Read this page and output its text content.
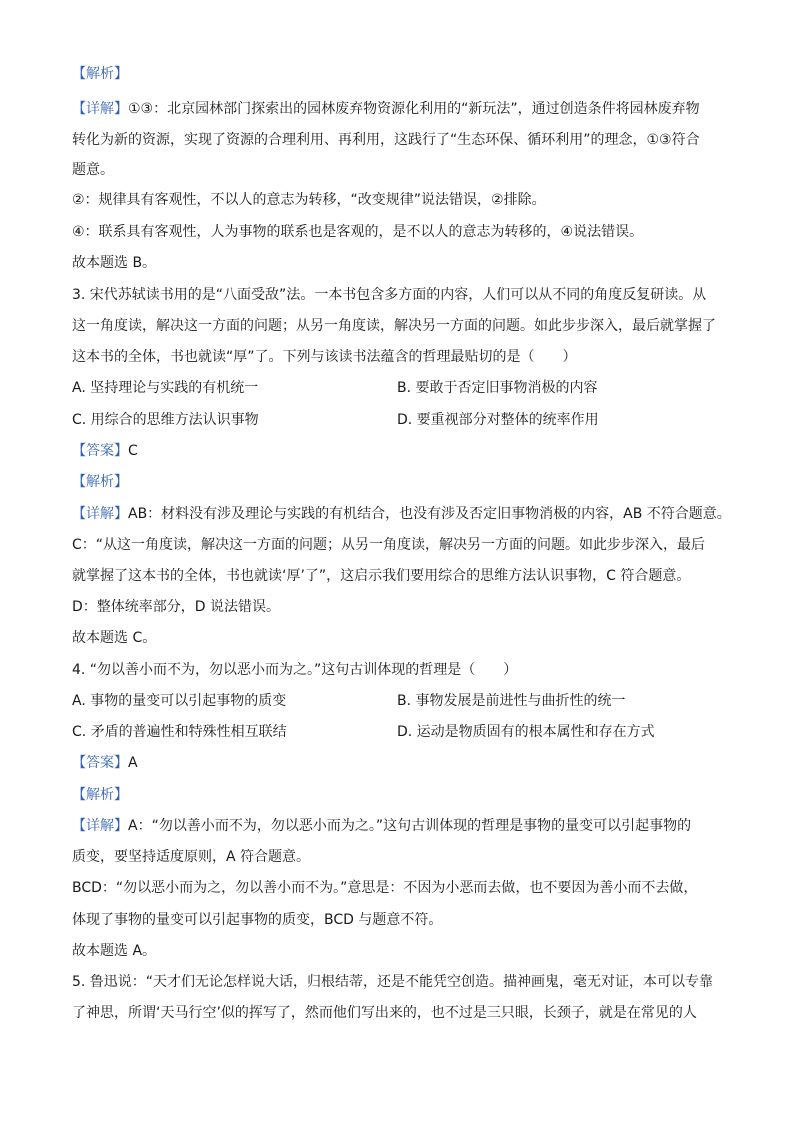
【解析】
【详解】①③：北京园林部门探索出的园林废弃物资源化利用的“新玩法”，通过创造条件将园林废弃物
转化为新的资源，实现了资源的合理利用、再利用，这践行了“生态环保、循环利用”的理念，①③符合
题意。
②：规律具有客观性，不以人的意志为转移，“改变规律”说法错误，②排除。
④：联系具有客观性，人为事物的联系也是客观的，是不以人的意志为转移的，④说法错误。
故本题选 B。
3. 宋代苏轼读书用的是“八面受敌”法。一本书包含多方面的内容，人们可以从不同的角度反复研读。从
这一角度读，解决这一方面的问题；从另一角度读，解决另一方面的问题。如此步步深入，最后就掌握了
这本书的全体，书也就读“厚”了。下列与该读书法蕴含的哲理最贴切的是（　　）
A. 坚持理论与实践的有机统一	B. 要敢于否定旧事物消极的内容
C. 用综合的思维方法认识事物	D. 要重视部分对整体的统率作用
【答案】C
【解析】
【详解】AB：材料没有涉及理论与实践的有机结合，也没有涉及否定旧事物消极的内容，AB 不符合题意。
C：“从这一角度读，解决这一方面的问题；从另一角度读，解决另一方面的问题。如此步步深入，最后
就掌握了这本书的全体，书也就读‘厚’了”，这启示我们要用综合的思维方法认识事物，C 符合题意。
D：整体统率部分，D 说法错误。
故本题选 C。
4. “勿以善小而不为，勿以恶小而为之。”这句古训体现的哲理是（　　）
A. 事物的量变可以引起事物的质变	B. 事物发展是前进性与曲折性的统一
C. 矛盾的普遍性和特殊性相互联结	D. 运动是物质固有的根本属性和存在方式
【答案】A
【解析】
【详解】A：“勿以善小而不为，勿以恶小而为之。”这句古训体现的哲理是事物的量变可以引起事物的
质变，要坚持适度原则，A 符合题意。
BCD：“勿以恶小而为之，勿以善小而不为。”意思是：不因为小恶而去做，也不要因为善小而不去做，
体现了事物的量变可以引起事物的质变，BCD 与题意不符。
故本题选 A。
5. 鲁迅说：“天才们无论怎样说大话，归根结蒂，还是不能凭空创造。描神画鬼，毫无对证，本可以专靠
了神思，所谓‘天马行空’似的挥写了，然而他们写出来的，也不过是三只眼，长颈子，就是在常见的人
